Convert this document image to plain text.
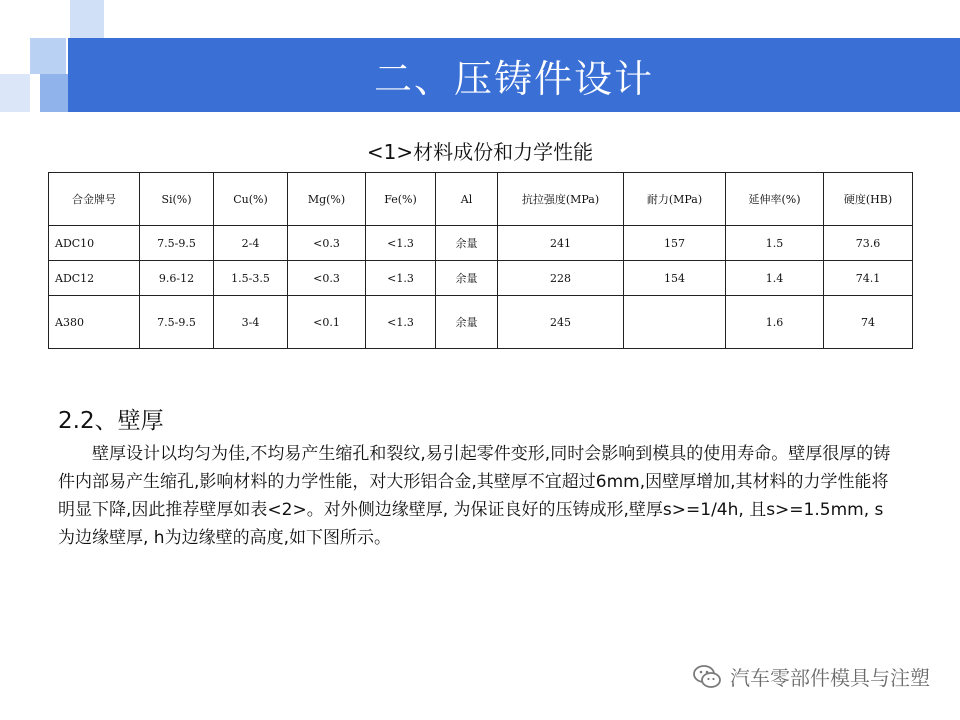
二、压铸件设计
<1>材料成份和力学性能
合金牌号	Si(%)	Cu(%)	Mg(%)	Fe(%)	Al	抗拉强度(MPa)	耐力(MPa)	延伸率(%)	硬度(HB)
ADC10	7.5-9.5	2-4	<0.3	<1.3	余量	241	157	1.5	73.6
ADC12	9.6-12	1.5-3.5	<0.3	<1.3	余量	228	154	1.4	74.1
A380	7.5-9.5	3-4	<0.1	<1.3	余量	245		1.6	74
2.2、壁厚
壁厚设计以均匀为佳,不均易产生缩孔和裂纹,易引起零件变形,同时会影响到模具的使用寿命。壁厚很厚的铸件内部易产生缩孔,影响材料的力学性能，对大形铝合金,其壁厚不宜超过6mm,因壁厚增加,其材料的力学性能将明显下降,因此推荐壁厚如表<2>。对外侧边缘壁厚, 为保证良好的压铸成形,壁厚s>=1/4h, 且s>=1.5mm, s为边缘壁厚, h为边缘壁的高度,如下图所示。
汽车零部件模具与注塑
